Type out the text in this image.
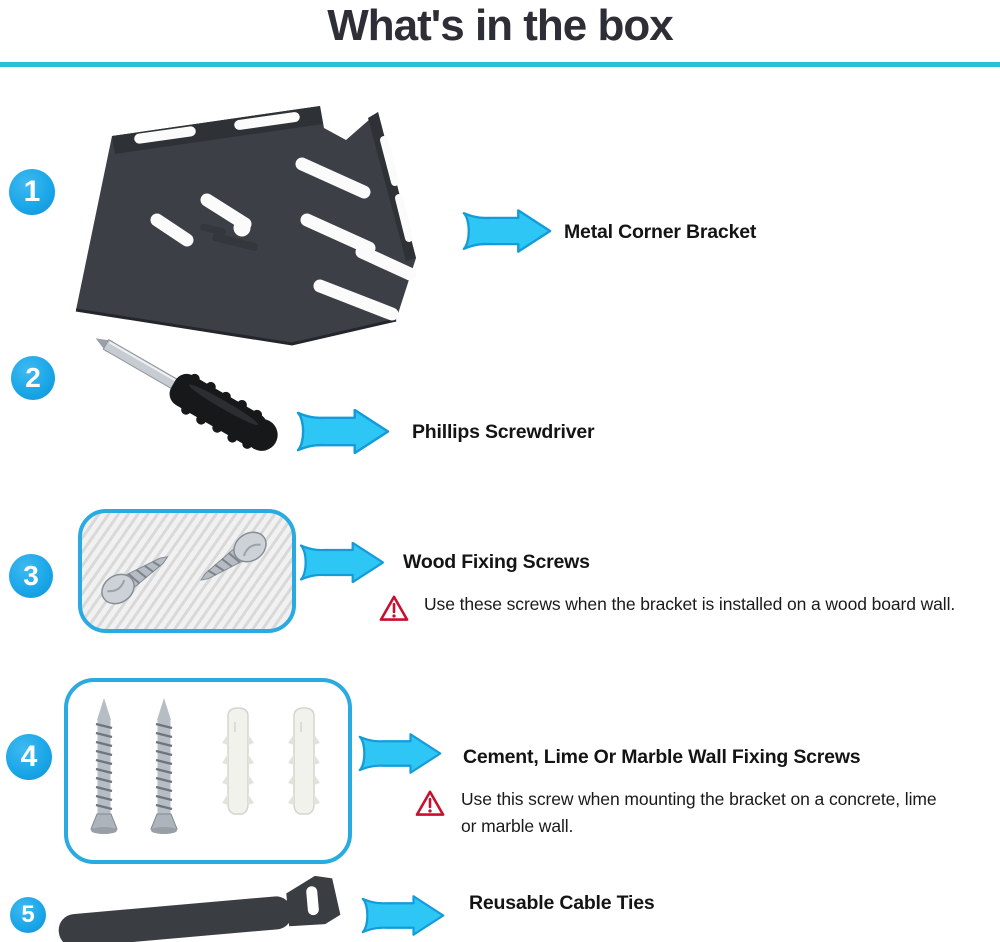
What's in the box
1
Metal Corner Bracket
2
Phillips Screwdriver
3	Wood Fixing Screws
Use these screws when the bracket is installed on a wood board wall.
4	Cement, Lime Or Marble Wall Fixing Screws
Use this screw when mounting the bracket on a concrete, lime or marble wall.
5	Reusable Cable Ties
